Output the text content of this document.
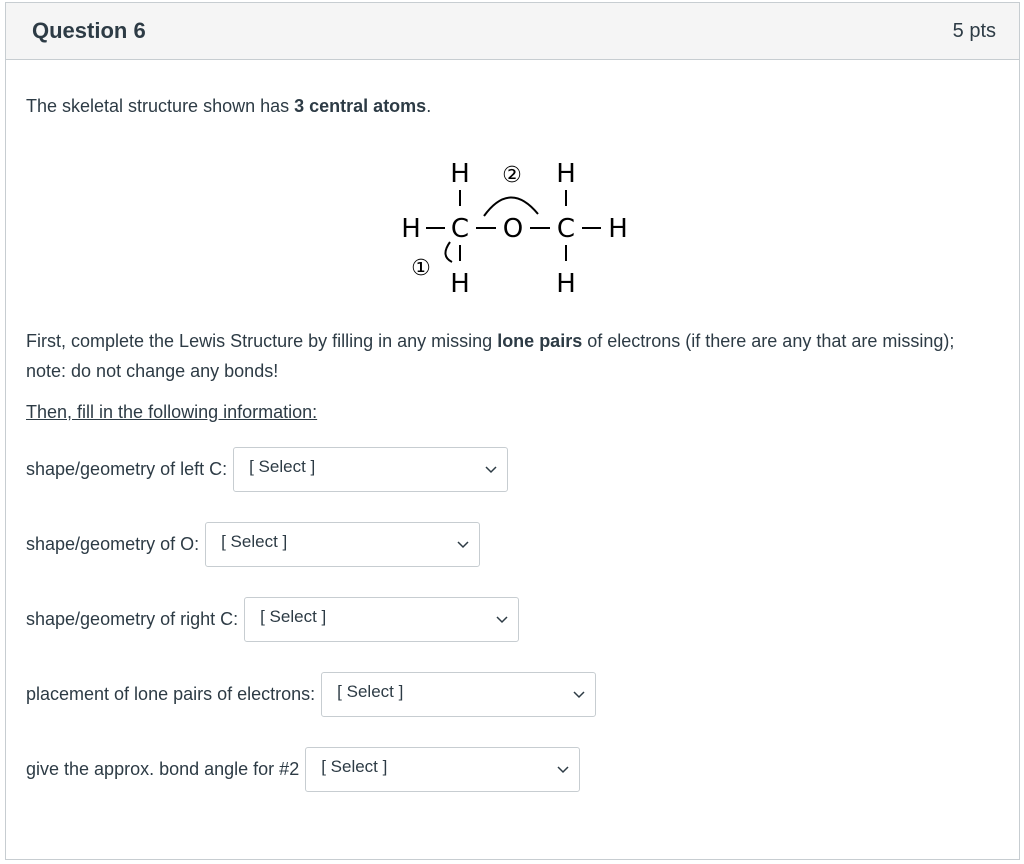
Question 6	5 pts

The skeletal structure shown has 3 central atoms.

H	H
H C O C H
H	H
②
①

First, complete the Lewis Structure by filling in any missing lone pairs of electrons (if there are any that are missing); note: do not change any bonds!

Then, fill in the following information:

shape/geometry of left C: [ Select ]
shape/geometry of O: [ Select ]
shape/geometry of right C: [ Select ]
placement of lone pairs of electrons: [ Select ]
give the approx. bond angle for #2 [ Select ]
